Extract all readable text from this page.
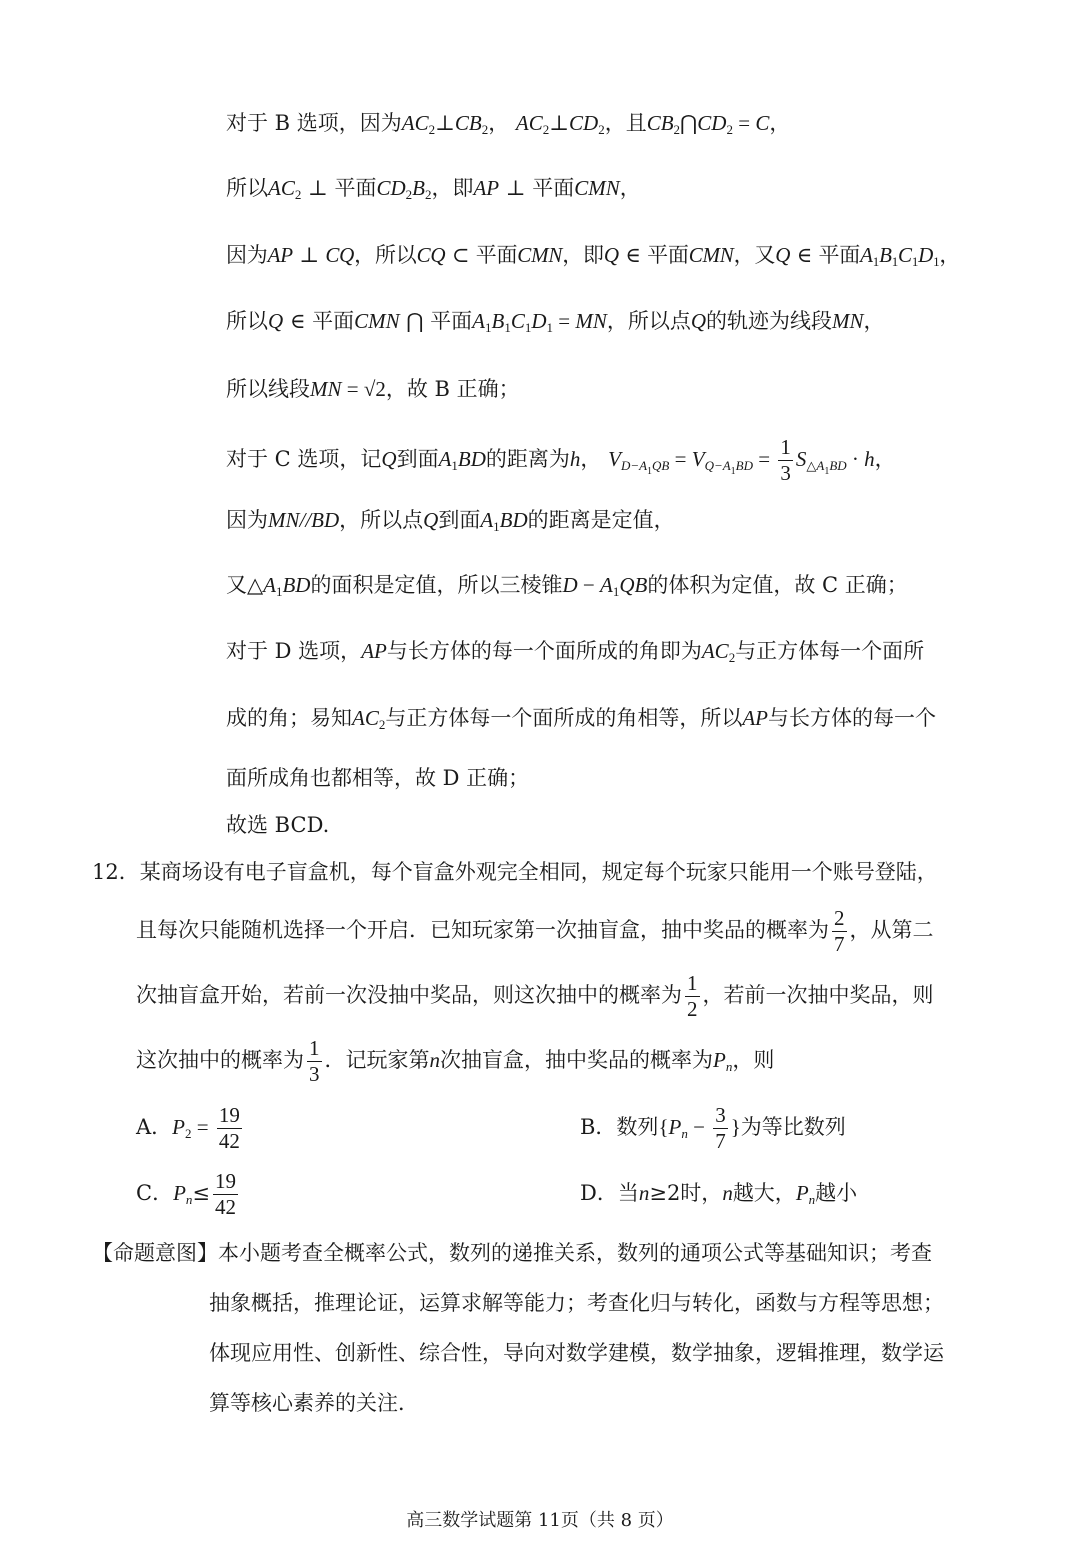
对于 B 选项，因为$AC_2\perp CB_2$， $AC_2\perp CD_2$，且$CB_2⋂CD_2 = C$，
所以$AC_2$ ⊥ 平面$CD_2B_2$，即AP ⊥ 平面CMN，
因为AP ⊥ CQ，所以CQ ⊂ 平面CMN，即Q ∈ 平面CMN，又Q ∈ 平面$A_1B_1C_1D_1$，
所以Q ∈ 平面CMN ⋂ 平面$A_1B_1C_1D_1$ = MN，所以点Q的轨迹为线段MN，
所以线段MN = √2，故 B 正确；
对于 C 选项，记Q到面$A_1BD$的距离为h， $V_{D-A_1QB} = V_{Q-A_1BD} = \frac{1}{3} S_{\triangle A_1BD} \cdot h$，
因为MN//BD，所以点Q到面$A_1BD$的距离是定值，
又$\triangle A_1BD$的面积是定值，所以三棱锥$D - A_1QB$的体积为定值，故 C 正确；
对于 D 选项，AP与长方体的每一个面所成的角即为$AC_2$与正方体每一个面所
成的角；易知$AC_2$与正方体每一个面所成的角相等，所以AP与长方体的每一个
面所成角也都相等，故 D 正确；
故选 BCD.
12．某商场设有电子盲盒机，每个盲盒外观完全相同，规定每个玩家只能用一个账号登陆，
且每次只能随机选择一个开启．已知玩家第一次抽盲盒，抽中奖品的概率为 $\frac{2}{7}$ ，从第二
次抽盲盒开始，若前一次没抽中奖品，则这次抽中的概率为 $\frac{1}{2}$ ，若前一次抽中奖品，则
这次抽中的概率为 $\frac{1}{3}$ ．记玩家第n次抽盲盒，抽中奖品的概率为$P_n$，则
A．$P_2 = \frac{19}{42}$	B．数列{$P_n - \frac{3}{7}$ }为等比数列
C．$P_n\le \frac{19}{42}$	D．当n≥2时，n越大，$P_n$越小
【命题意图】本小题考查全概率公式，数列的递推关系，数列的通项公式等基础知识；考查
抽象概括，推理论证，运算求解等能力；考查化归与转化，函数与方程等思想；
体现应用性、创新性、综合性，导向对数学建模，数学抽象，逻辑推理，数学运
算等核心素养的关注．
高三数学试题第 11页（共 8 页）
